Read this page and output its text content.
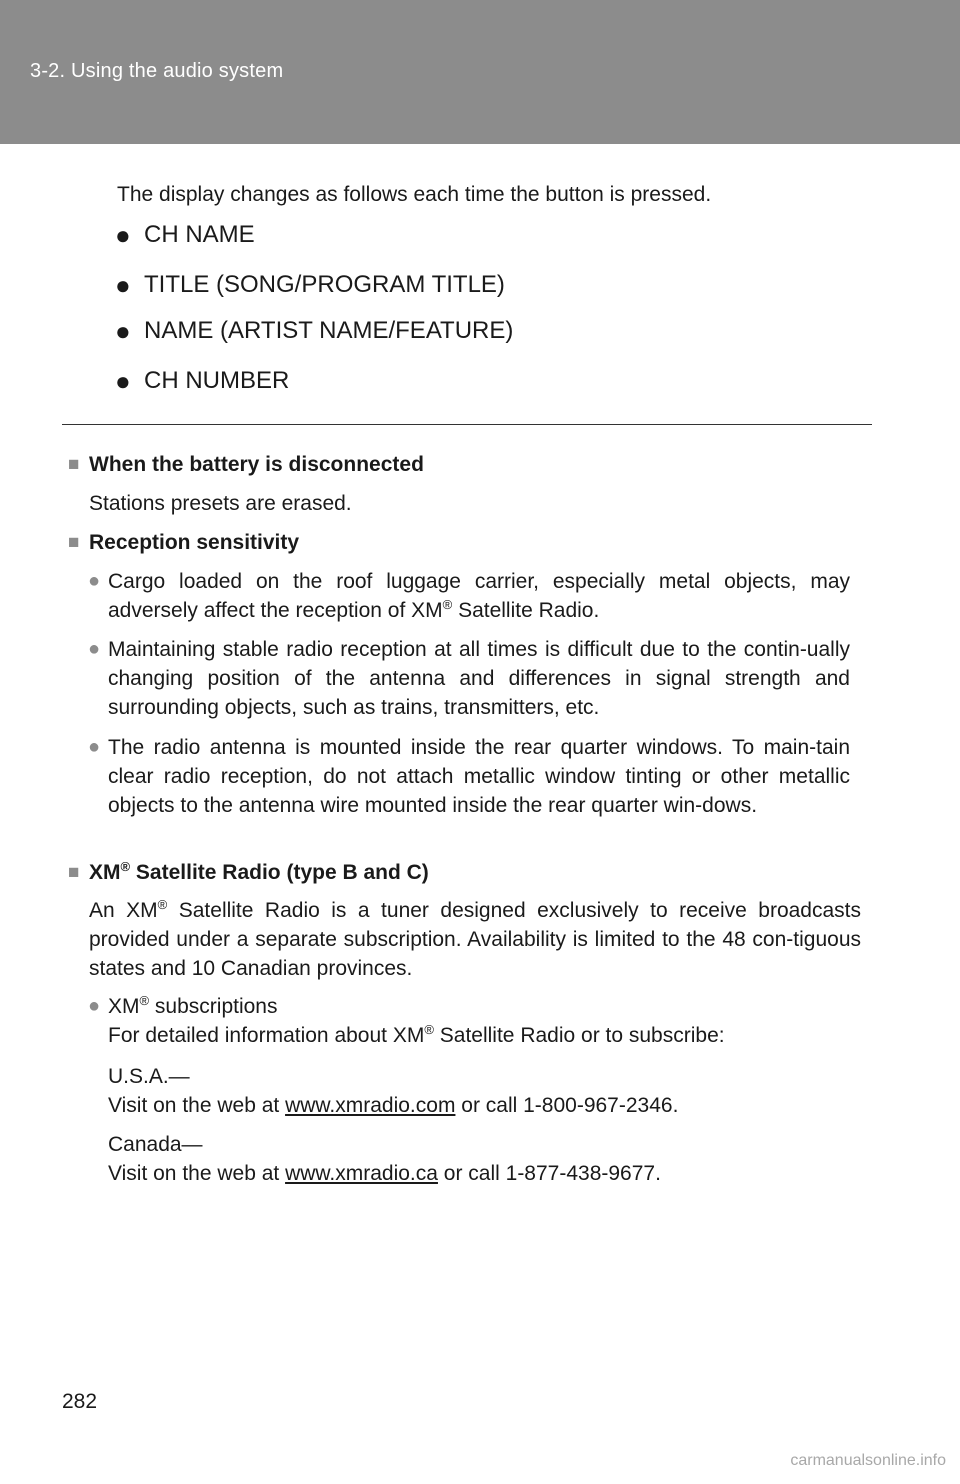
3-2. Using the audio system
The display changes as follows each time the button is pressed.
● CH NAME
● TITLE (SONG/PROGRAM TITLE)
● NAME (ARTIST NAME/FEATURE)
● CH NUMBER
■ When the battery is disconnected
Stations presets are erased.
■ Reception sensitivity
● Cargo loaded on the roof luggage carrier, especially metal objects, may adversely affect the reception of XM® Satellite Radio.
● Maintaining stable radio reception at all times is difficult due to the contin-ually changing position of the antenna and differences in signal strength and surrounding objects, such as trains, transmitters, etc.
● The radio antenna is mounted inside the rear quarter windows. To main-tain clear radio reception, do not attach metallic window tinting or other metallic objects to the antenna wire mounted inside the rear quarter win-dows.
■ XM® Satellite Radio (type B and C)
An XM® Satellite Radio is a tuner designed exclusively to receive broadcasts provided under a separate subscription. Availability is limited to the 48 con-tiguous states and 10 Canadian provinces.
● XM® subscriptions
For detailed information about XM® Satellite Radio or to subscribe:
U.S.A.—
Visit on the web at www.xmradio.com or call 1-800-967-2346.
Canada—
Visit on the web at www.xmradio.ca or call 1-877-438-9677.
282
carmanualsonline.info
